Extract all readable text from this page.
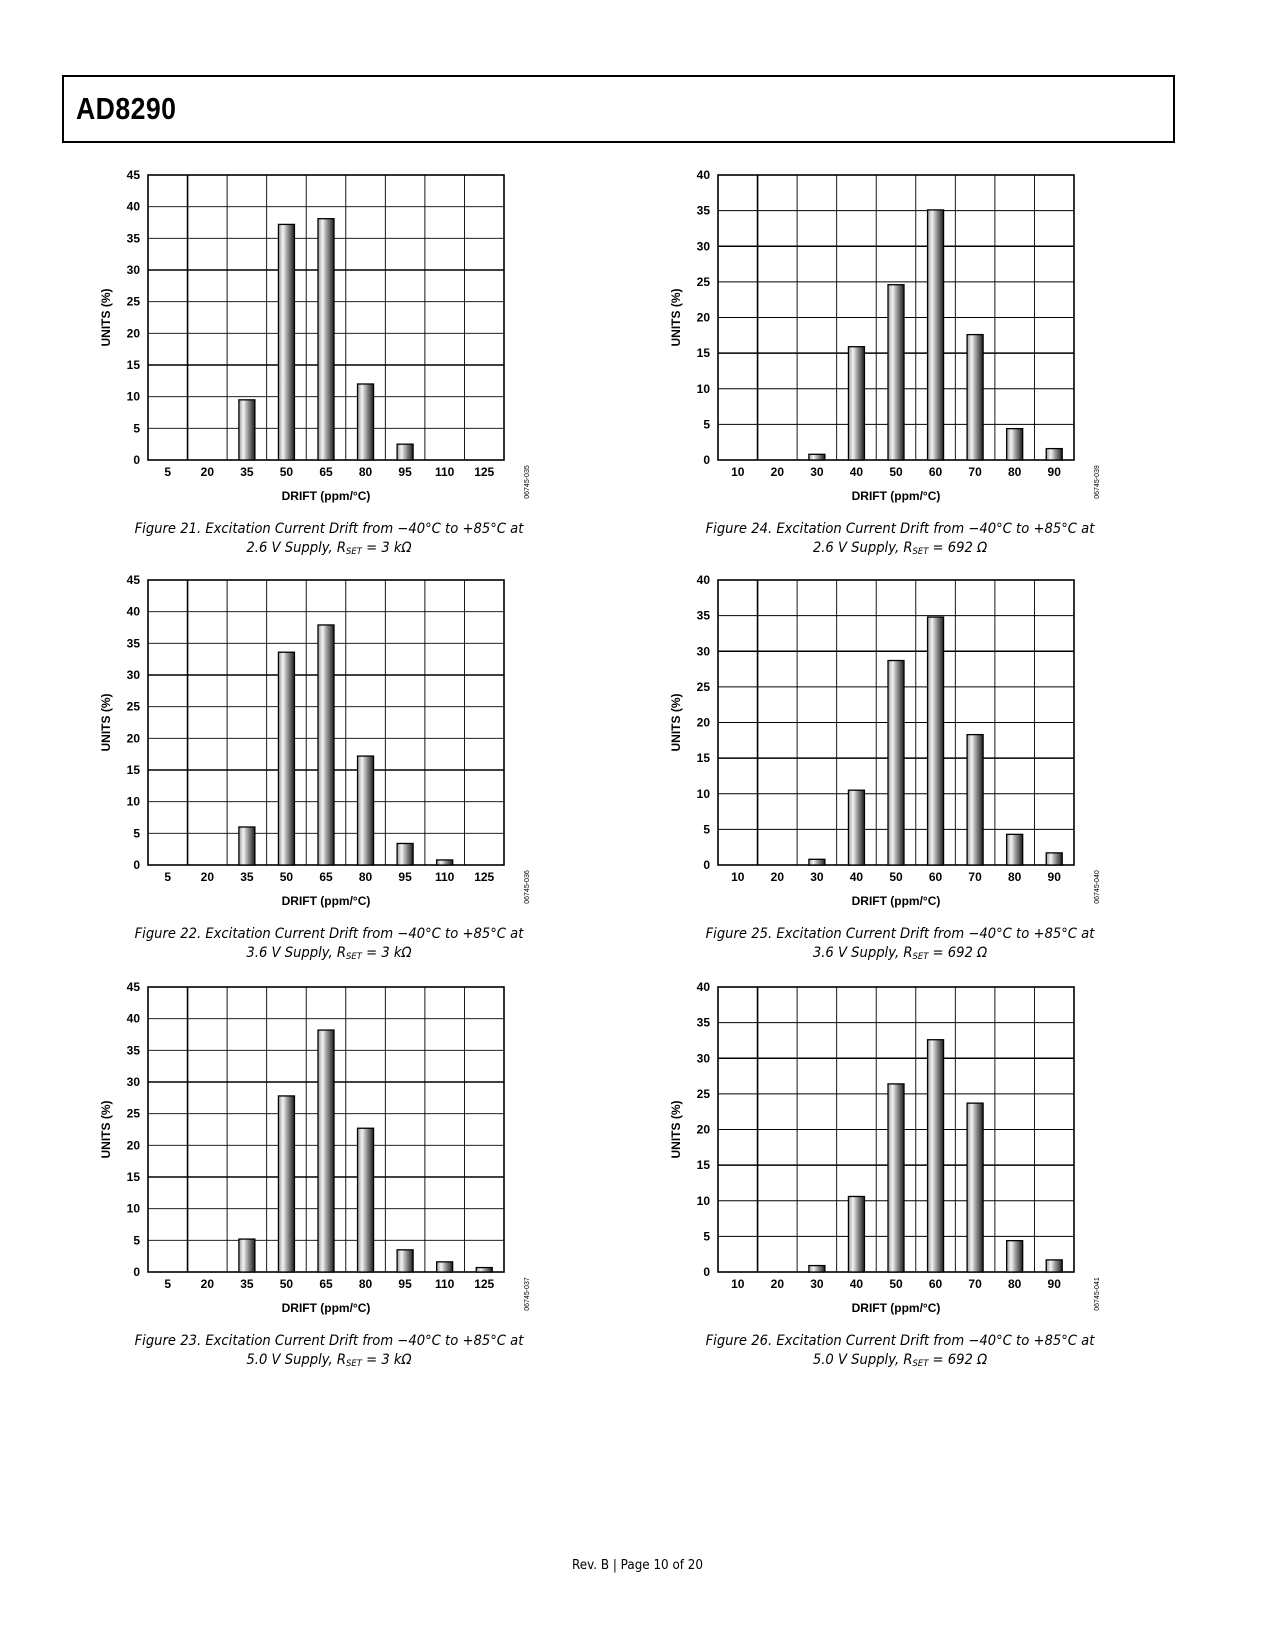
AD8290
0
5
10
15
20
25
30
35
40
45
5 20 35 50 65 80 95 110 125
DRIFT (ppm/°C)
UNITS (%)
06745-035
Figure 21. Excitation Current Drift from −40°C to +85°C at
2.6 V Supply, $R_{SET} = 3$ kΩ
0
5
10
15
20
25
30
35
40
45
5 20 35 50 65 80 95 110 125
DRIFT (ppm/°C)
UNITS (%)
06745-036
Figure 22. Excitation Current Drift from −40°C to +85°C at
3.6 V Supply, $R_{SET} = 3$ kΩ
0
5
10
15
20
25
30
35
40
45
5 20 35 50 65 80 95 110 125
DRIFT (ppm/°C)
UNITS (%)
06745-037
Figure 23. Excitation Current Drift from −40°C to +85°C at
5.0 V Supply, $R_{SET} = 3$ kΩ
0
5
10
15
20
25
30
35
40
10 20 30 40 50 60 70 80 90
DRIFT (ppm/°C)
UNITS (%)
06745-039
Figure 24. Excitation Current Drift from −40°C to +85°C at
2.6 V Supply, $R_{SET} = 692$ Ω
0
5
10
15
20
25
30
35
40
10 20 30 40 50 60 70 80 90
DRIFT (ppm/°C)
UNITS (%)
06745-040
Figure 25. Excitation Current Drift from −40°C to +85°C at
3.6 V Supply, $R_{SET} = 692$ Ω
0
5
10
15
20
25
30
35
40
10 20 30 40 50 60 70 80 90
DRIFT (ppm/°C)
UNITS (%)
06745-041
Figure 26. Excitation Current Drift from −40°C to +85°C at
5.0 V Supply, $R_{SET} = 692$ Ω
Rev. B | Page 10 of 20
